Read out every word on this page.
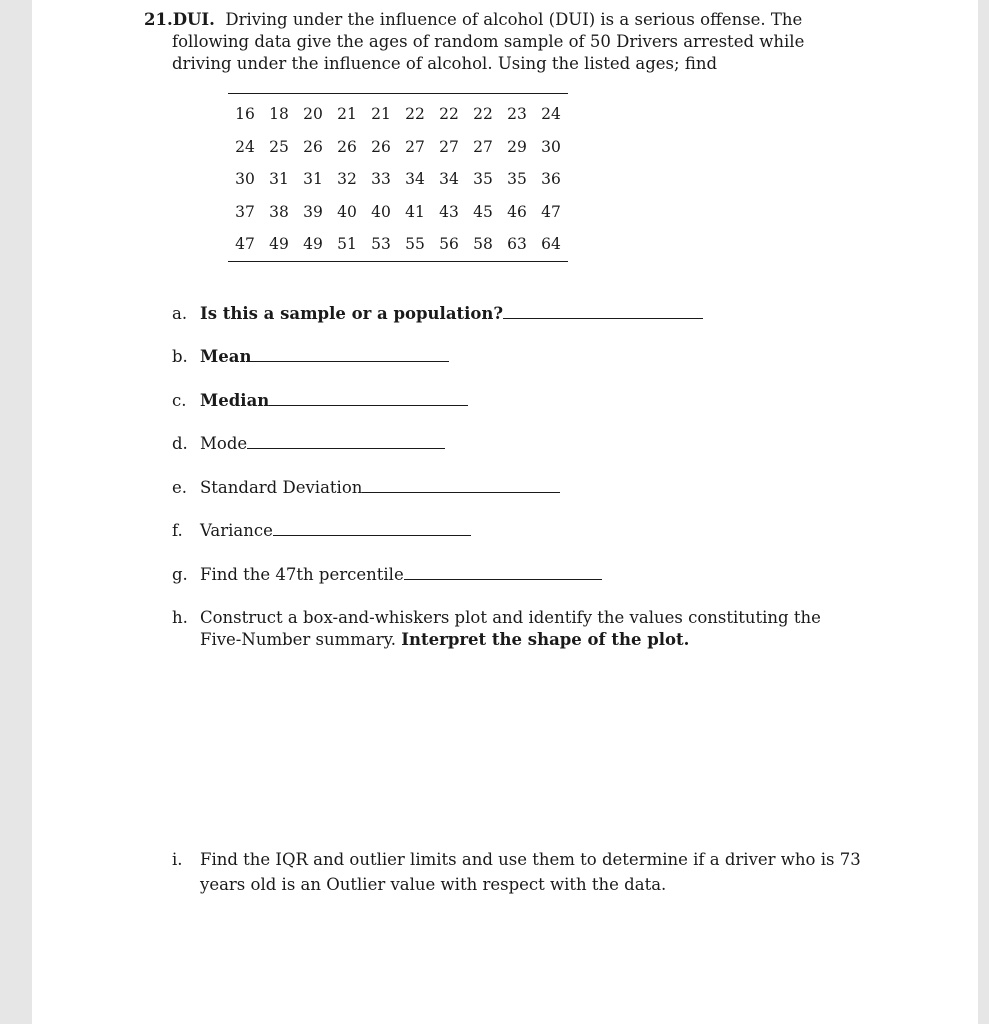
21.DUI. Driving under the influence of alcohol (DUI) is a serious offense. The following data give the ages of random sample of 50 Drivers arrested while driving under the influence of alcohol. Using the listed ages; find
16	18	20	21	21	22	22	22	23	24
24	25	26	26	26	27	27	27	29	30
30	31	31	32	33	34	34	35	35	36
37	38	39	40	40	41	43	45	46	47
47	49	49	51	53	55	56	58	63	64
a. Is this a sample or a population?
b. Mean
c. Median
d. Mode
e. Standard Deviation
f.	Variance
g. Find the 47th percentile
h. Construct a box-and-whiskers plot and identify the values constituting the Five-Number summary. Interpret the shape of the plot.
i.	Find the IQR and outlier limits and use them to determine if a driver who is 73 years old is an Outlier value with respect with the data.
